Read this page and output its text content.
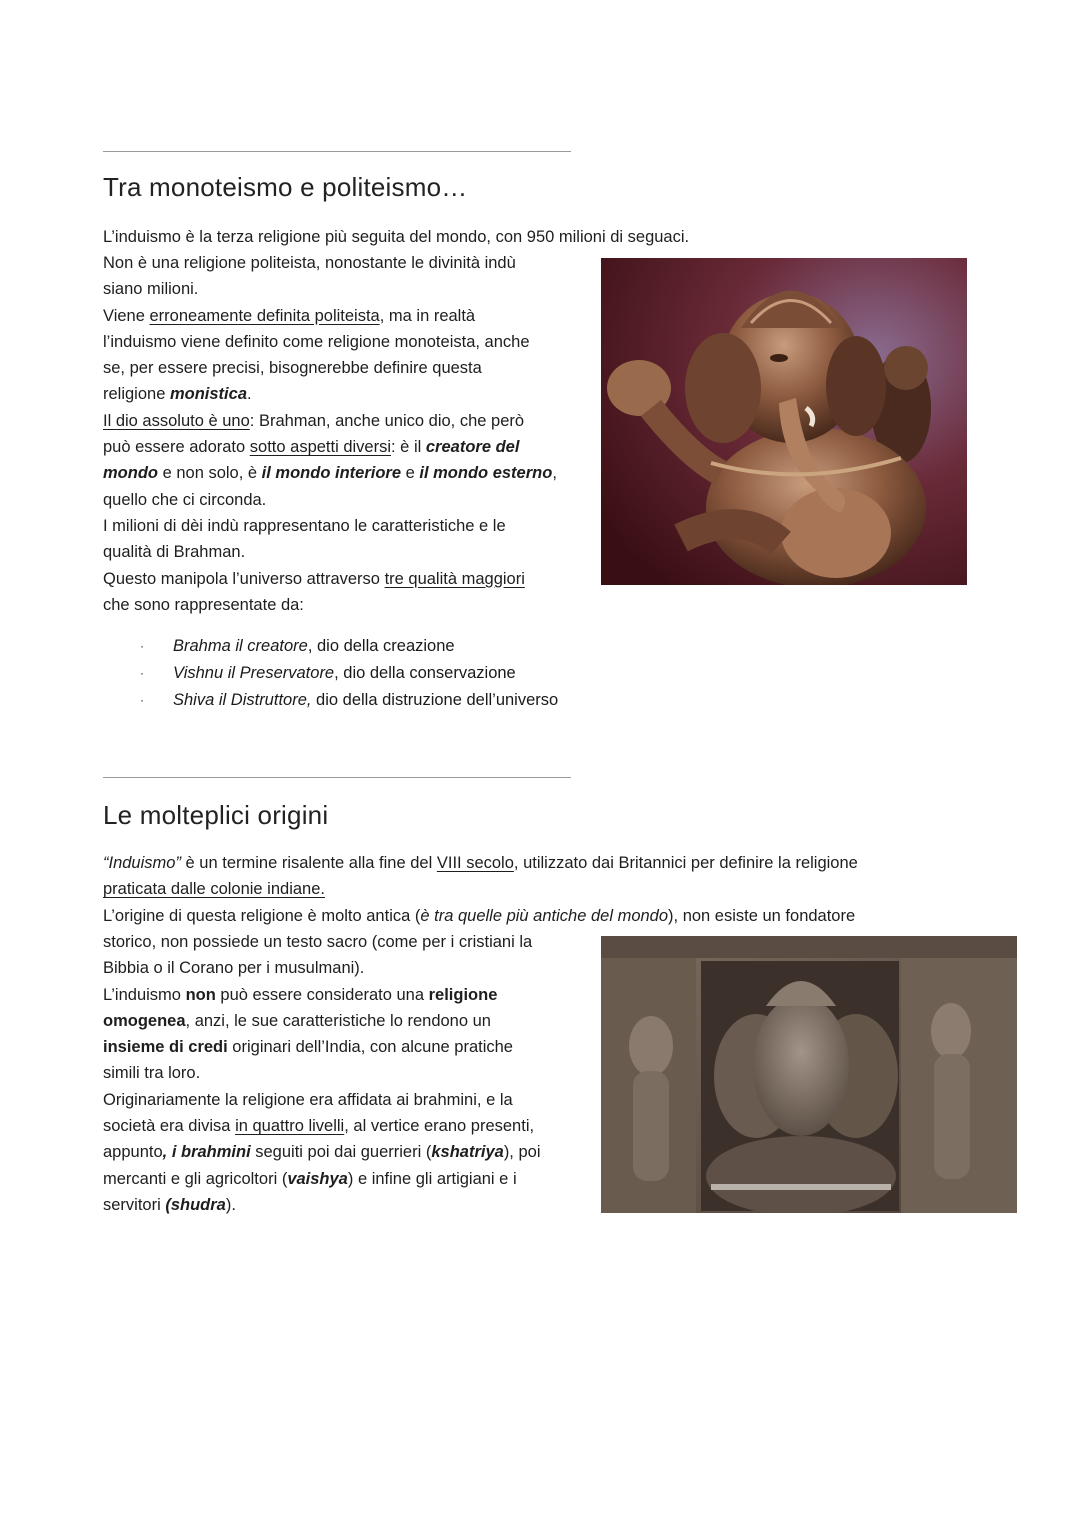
Tra monoteismo e politeismo…

L’induismo è la terza religione più seguita del mondo, con 950 milioni di seguaci.

Non è una religione politeista, nonostante le divinità indù

siano milioni.

Viene erroneamente definita politeista, ma in realtà

l’induismo viene definito come religione monoteista, anche

se, per essere precisi, bisognerebbe definire questa

religione monistica.

Il dio assoluto è uno: Brahman, anche unico dio, che però

può essere adorato sotto aspetti diversi: è il creatore del

mondo e non solo, è il mondo interiore e il mondo esterno,

quello che ci circonda.

I milioni di dèi indù rappresentano le caratteristiche e le

qualità di Brahman.

Questo manipola l’universo attraverso tre qualità maggiori

che sono rappresentate da:

· Brahma il creatore, dio della creazione
· Vishnu il Preservatore, dio della conservazione
· Shiva il Distruttore, dio della distruzione dell’universo
Le molteplici origini

“Induismo” è un termine risalente alla fine del VIII secolo, utilizzato dai Britannici per definire la religione

praticata dalle colonie indiane.

L’origine di questa religione è molto antica (è tra quelle più antiche del mondo), non esiste un fondatore

storico, non possiede un testo sacro (come per i cristiani la

Bibbia o il Corano per i musulmani).

L’induismo non può essere considerato una religione

omogenea, anzi, le sue caratteristiche lo rendono un

insieme di credi originari dell’India, con alcune pratiche

simili tra loro.

Originariamente la religione era affidata ai brahmini, e la

società era divisa in quattro livelli, al vertice erano presenti,

appunto, i brahmini seguiti poi dai guerrieri (kshatriya), poi

mercanti e gli agricoltori (vaishya) e infine gli artigiani e i

servitori (shudra).
